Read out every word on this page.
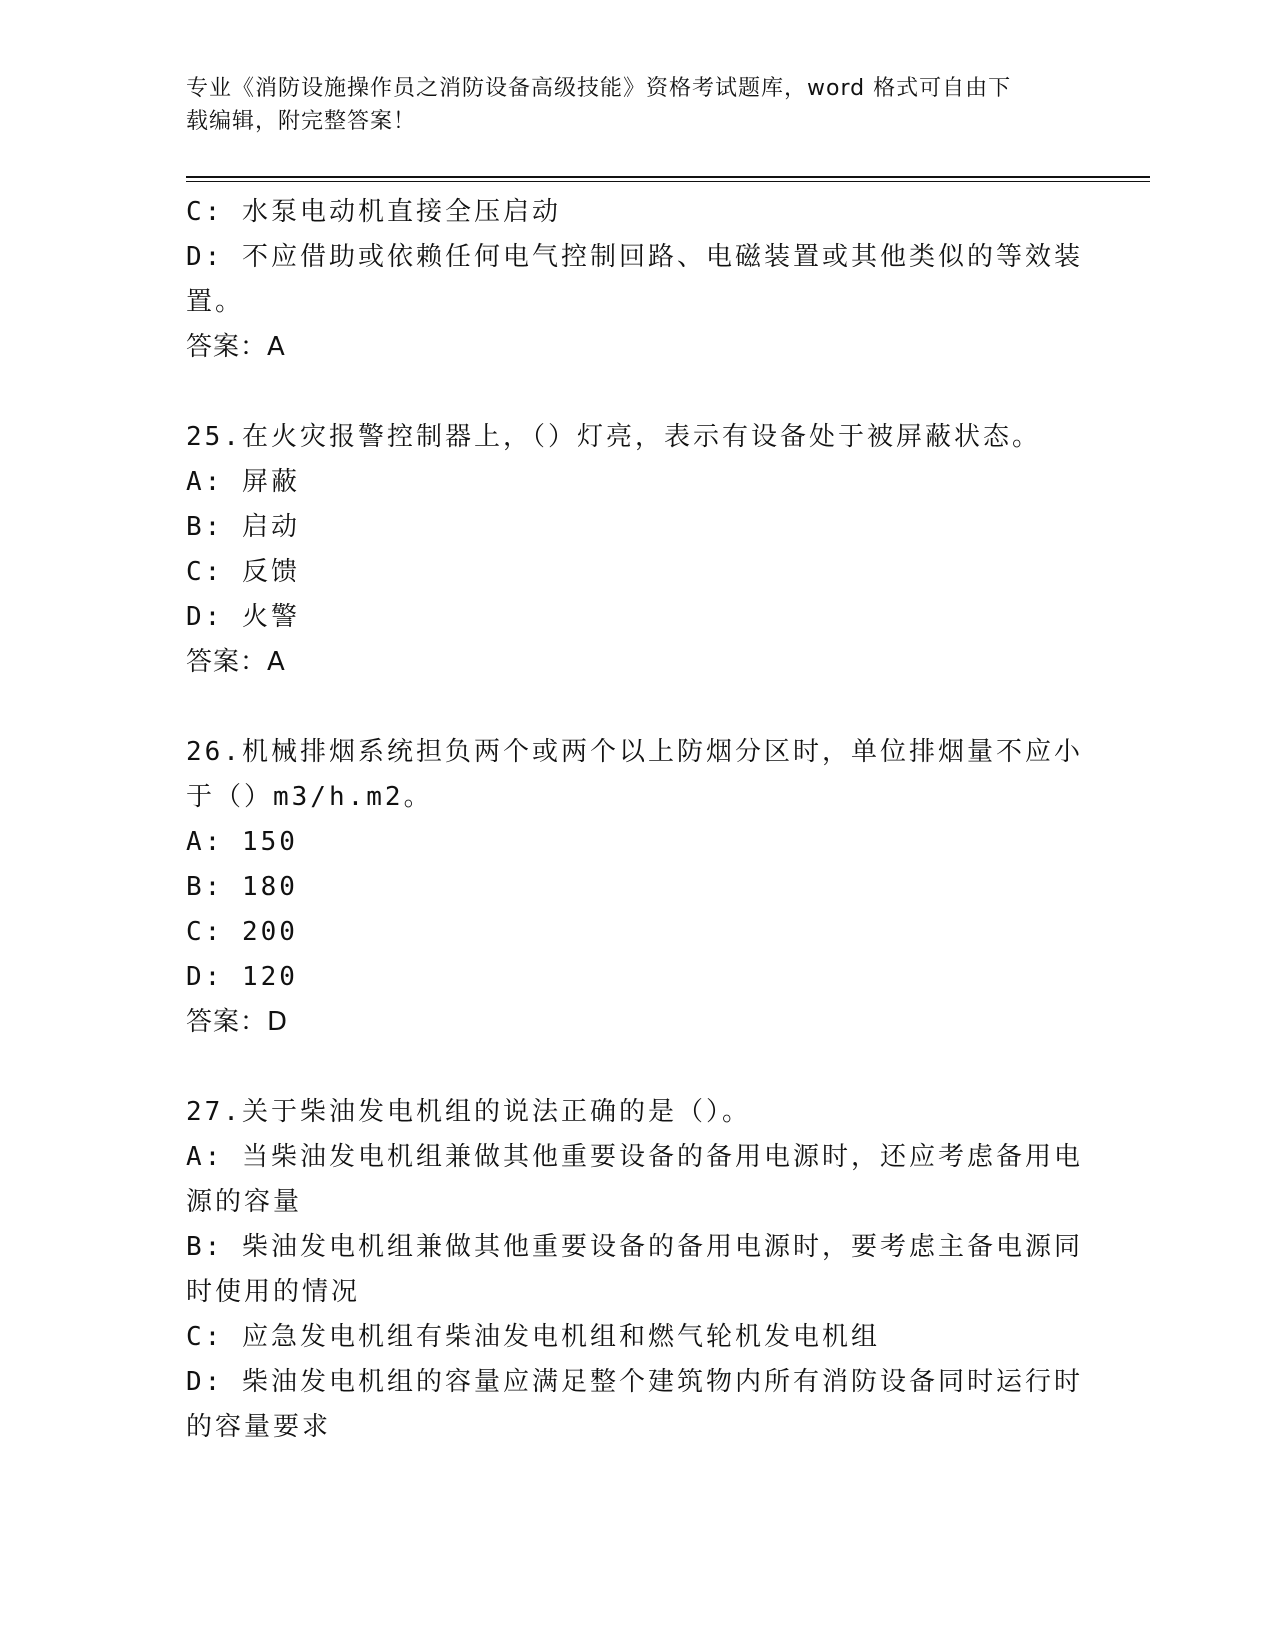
专业《消防设施操作员之消防设备高级技能》资格考试题库，word 格式可自由下
载编辑，附完整答案！
C: 水泵电动机直接全压启动
D: 不应借助或依赖任何电气控制回路、电磁装置或其他类似的等效装
置。
答案：A
25.在火灾报警控制器上，（）灯亮，表示有设备处于被屏蔽状态。
A: 屏蔽
B: 启动
C: 反馈
D: 火警
答案：A
26.机械排烟系统担负两个或两个以上防烟分区时，单位排烟量不应小
于（）m3/h.m2。
A: 150
B: 180
C: 200
D: 120
答案：D
27.关于柴油发电机组的说法正确的是（）。
A: 当柴油发电机组兼做其他重要设备的备用电源时，还应考虑备用电
源的容量
B: 柴油发电机组兼做其他重要设备的备用电源时，要考虑主备电源同
时使用的情况
C: 应急发电机组有柴油发电机组和燃气轮机发电机组
D: 柴油发电机组的容量应满足整个建筑物内所有消防设备同时运行时
的容量要求
